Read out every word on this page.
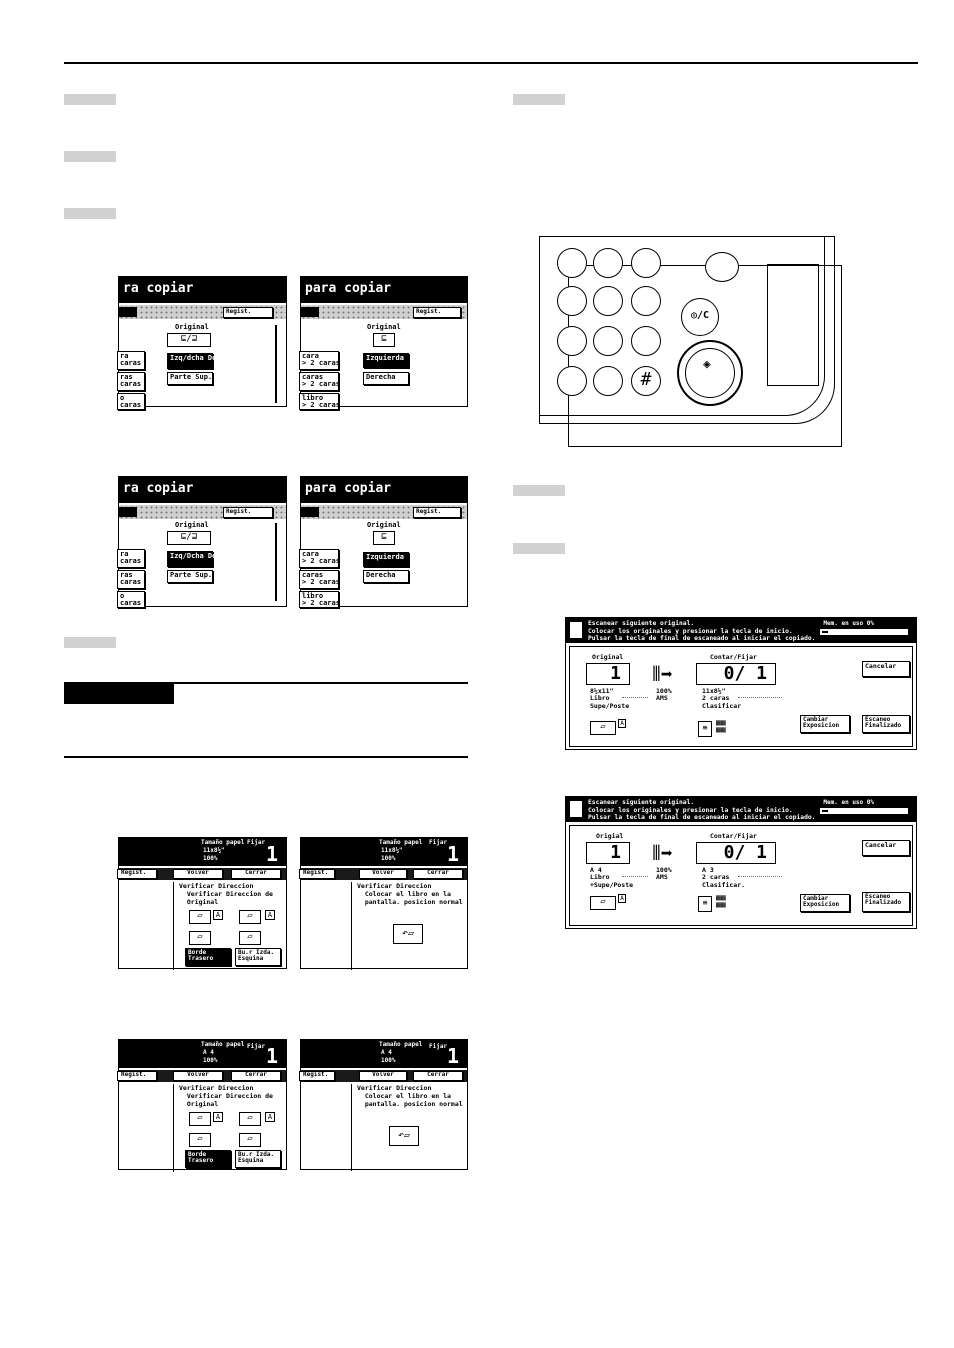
ra copiar
Regist.
Original
⊑/⊒
Izq/dcha Derecha
Parte Sup.
ra
caras
ras
caras
o
caras
para copiar
Regist.
Original
⊑
Izquierda
Derecha
cara
> 2 caras
caras
> 2 caras
libro
> 2 caras
ra copiar
Regist.
Original
⊑/⊒
Izq/Dcha Derecha
Parte Sup.
ra
caras
ras
caras
o
caras
para copiar
Regist.
Original
⊑
Izquierda
Derecha
cara
> 2 caras
caras
> 2 caras
libro
> 2 caras
Tamaño papel Fijar
11x8½"
100% 1
Regist.	Volver	Cerrar
Verificar Direccion
Verificar Direccion de
Original
▱	A	▱	A
▱	▱
Borde Trasero
Bu.r Izda. Esquina
Tamaño papel Fijar
11x8½"
100%	1
Regist.	Volver	Cerrar
Verificar Direccion
Colocar el libro en la
pantalla. posicion normal
↶▱
Tamaño papel Fijar
A 4
100% 1
Regist.	Volver	Cerrar
Verificar Direccion
Verificar Direccion de
Original
▱	A	▱	A
▱	▱
Borde Trasero
Bu.r Izda. Esquina
Tamaño papel Fijar
A 4
100%	1
Regist.	Volver	Cerrar
Verificar Direccion
Colocar el libro en la
pantalla. posicion normal
↶▱
#
◎/C
◈
Escanear siguiente original.
Colocar los originales y presionar la tecla de inicio.
Pulsar la tecla de final de escaneado al iniciar el copiado.
Mem. en uso 0%
Original
1	⦀➡
Contar/Fijar
0/ 1
8½x11"
Libro
Supe/Poste
100%
AMS
11x8½"
2 caras
Clasificar
▱	A	≡
▦▦
▦▦
Cancelar
Cambiar Exposicion
Escaneo Finalizado
Escanear siguiente original.
Colocar los originales y presionar la tecla de inicio.
Pulsar la tecla de final de escaneado al iniciar el copiado.
Mem. en uso 0%
Origial
1	⦀➡
Contar/Fijar
0/ 1
A 4
Libro
+Supe/Poste
100%
AMS
A 3
2 caras
Clasificar.
▱	A	≡
▦▦
▦▦
Cancelar
Cambiar Exposicion
Escaneo Finalizado
